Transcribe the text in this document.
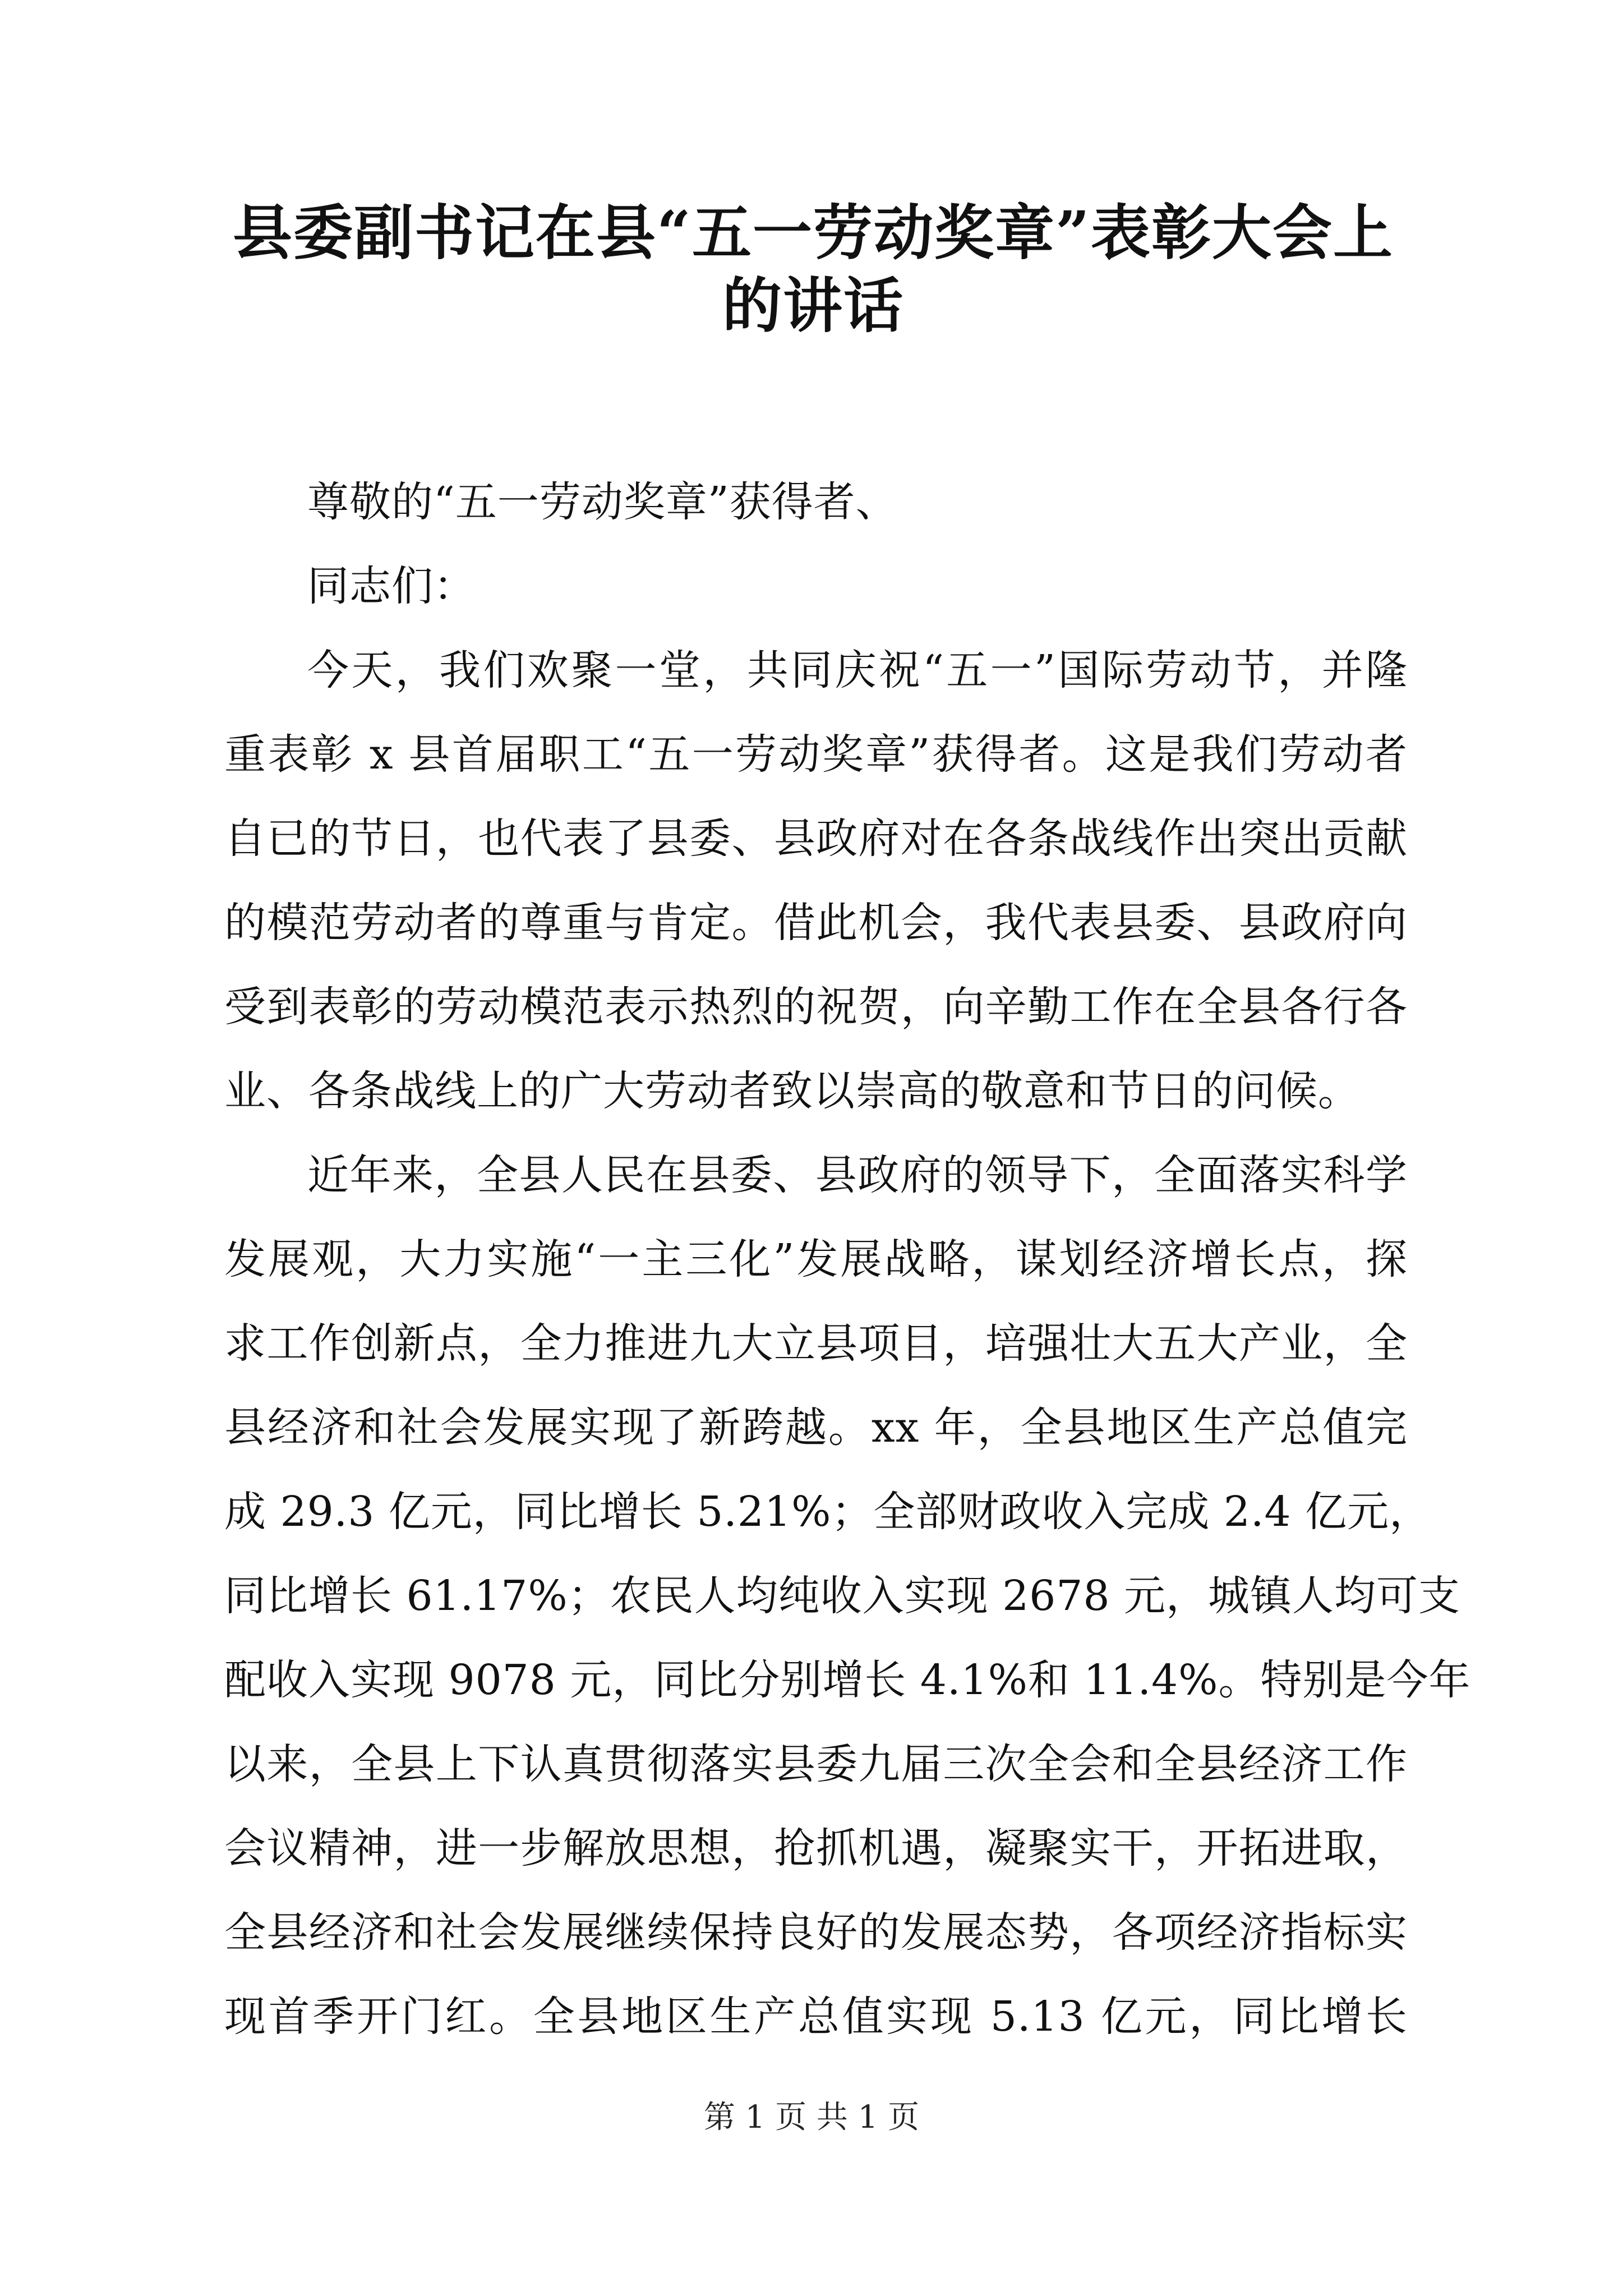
县委副书记在县“五一劳动奖章”表彰大会上
的讲话
尊敬的“五一劳动奖章”获得者、
同志们：
今天，我们欢聚一堂，共同庆祝“五一”国际劳动节，并隆
重表彰 x 县首届职工“五一劳动奖章”获得者。这是我们劳动者
自已的节日，也代表了县委、县政府对在各条战线作出突出贡献
的模范劳动者的尊重与肯定。借此机会，我代表县委、县政府向
受到表彰的劳动模范表示热烈的祝贺，向辛勤工作在全县各行各
业、各条战线上的广大劳动者致以崇高的敬意和节日的问候。
近年来，全县人民在县委、县政府的领导下，全面落实科学
发展观，大力实施“一主三化”发展战略，谋划经济增长点，探
求工作创新点，全力推进九大立县项目，培强壮大五大产业，全
县经济和社会发展实现了新跨越。xx 年，全县地区生产总值完
成 29.3 亿元，同比增长 5.21%；全部财政收入完成 2.4 亿元，
同比增长 61.17%；农民人均纯收入实现 2678 元，城镇人均可支
配收入实现 9078 元，同比分别增长 4.1%和 11.4%。特别是今年
以来，全县上下认真贯彻落实县委九届三次全会和全县经济工作
会议精神，进一步解放思想，抢抓机遇，凝聚实干，开拓进取，
全县经济和社会发展继续保持良好的发展态势，各项经济指标实
现首季开门红。全县地区生产总值实现 5.13 亿元，同比增长
第 1 页 共 1 页
